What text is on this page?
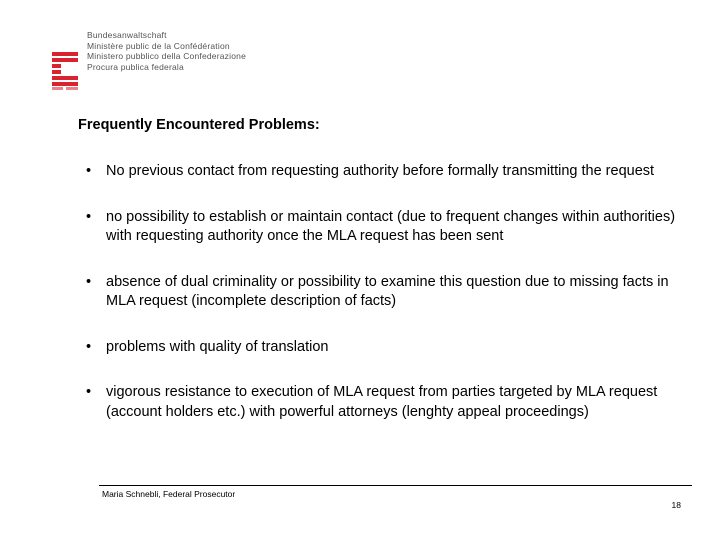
Bundesanwaltschaft
Ministère public de la Confédération
Ministero pubblico della Confederazione
Procura publica federala
Frequently Encountered Problems:
• No previous contact from requesting authority before formally transmitting the request
• no possibility to establish or maintain contact (due to frequent changes within authorities) with requesting authority once the MLA request has been sent
• absence of dual criminality or possibility to examine this question due to missing facts in MLA request (incomplete description of facts)
• problems with quality of translation
• vigorous resistance to execution of MLA request from parties targeted by MLA request (account holders etc.) with powerful attorneys (lenghty appeal proceedings)
Maria Schnebli, Federal Prosecutor
18
